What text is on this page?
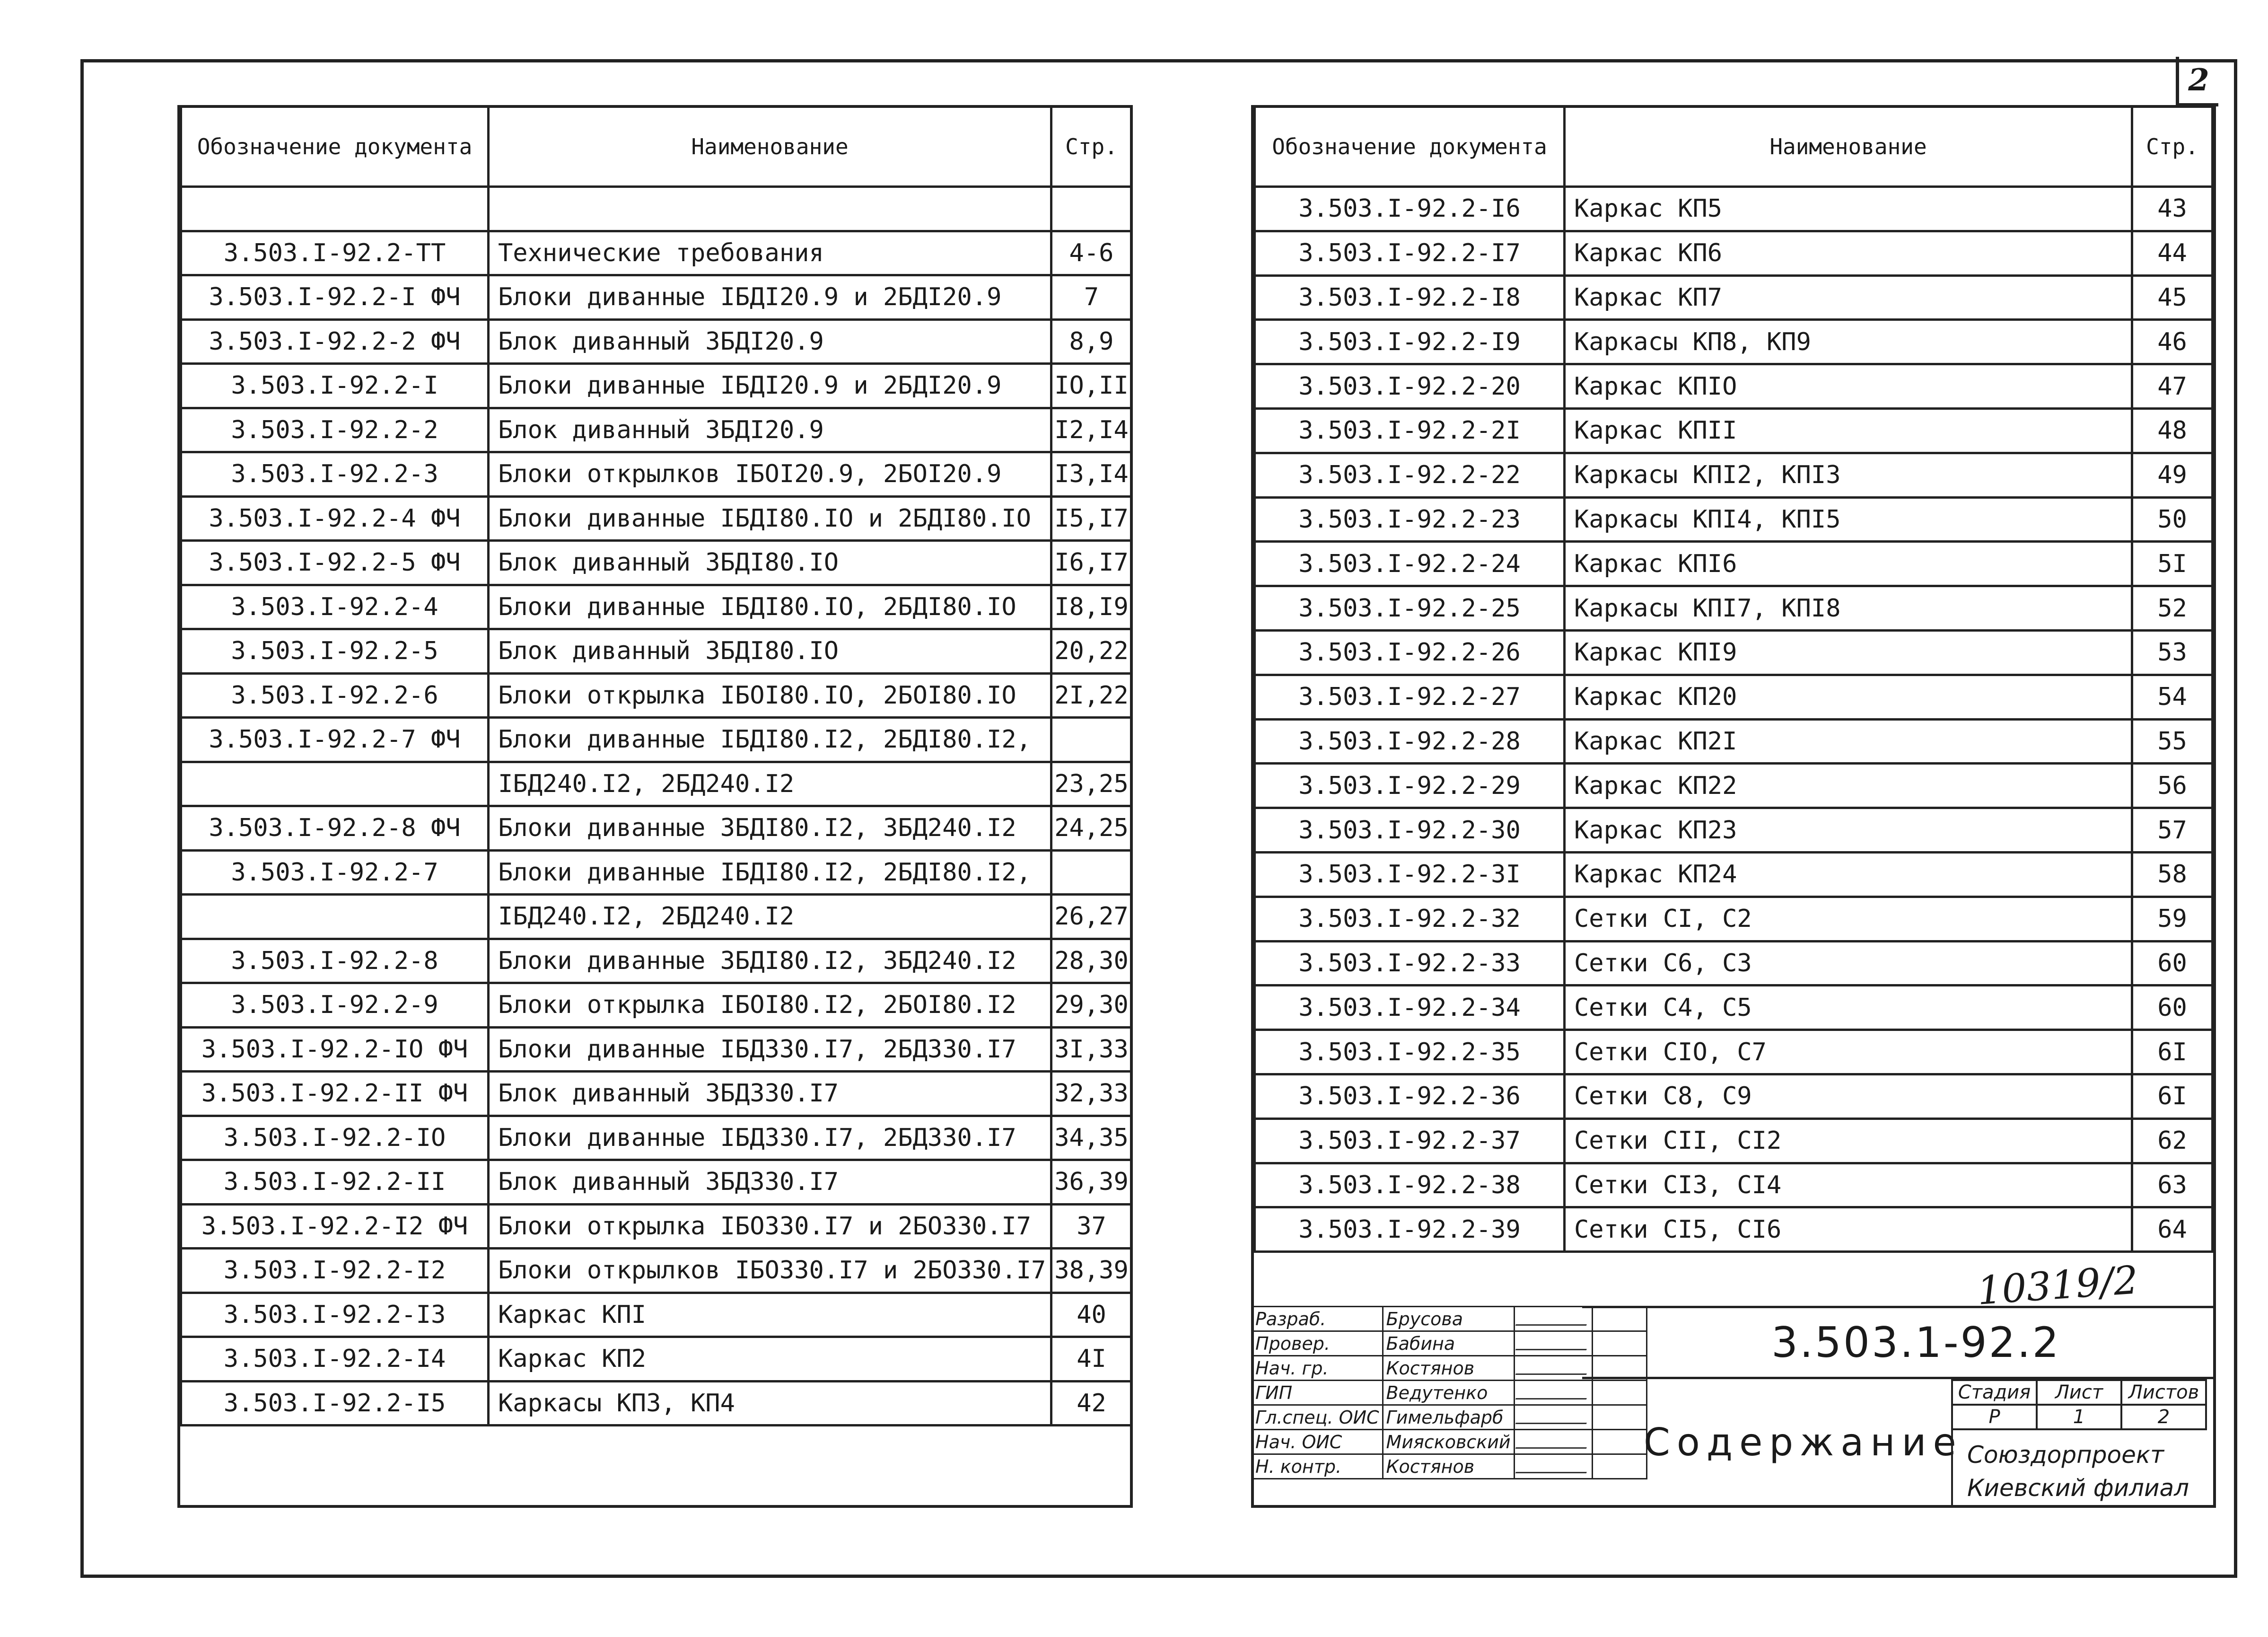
2
Обозначение документа	Наименование	Стр.

3.503.I-92.2-TT	Технические требования	4-6
3.503.I-92.2-I ФЧ	Блоки диванные IБДI20.9 и 2БДI20.9	7
3.503.I-92.2-2 ФЧ	Блок диванный 3БДI20.9	8,9
3.503.I-92.2-I	Блоки диванные IБДI20.9 и 2БДI20.9	IO,II
3.503.I-92.2-2	Блок диванный 3БДI20.9	I2,I4
3.503.I-92.2-3	Блоки открылков IБОI20.9, 2БОI20.9	I3,I4
3.503.I-92.2-4 ФЧ	Блоки диванные IБДI80.IO и 2БДI80.IO	I5,I7
3.503.I-92.2-5 ФЧ	Блок диванный 3БДI80.IO	I6,I7
3.503.I-92.2-4	Блоки диванные IБДI80.IO, 2БДI80.IO	I8,I9
3.503.I-92.2-5	Блок диванный 3БДI80.IO	20,22
3.503.I-92.2-6	Блоки открылка IБОI80.IO, 2БОI80.IO	2I,22
3.503.I-92.2-7 ФЧ	Блоки диванные IБДI80.I2, 2БДI80.I2,	
	IБД240.I2, 2БД240.I2	23,25
3.503.I-92.2-8 ФЧ	Блоки диванные 3БДI80.I2, 3БД240.I2	24,25
3.503.I-92.2-7	Блоки диванные IБДI80.I2, 2БДI80.I2,	
	IБД240.I2, 2БД240.I2	26,27
3.503.I-92.2-8	Блоки диванные 3БДI80.I2, 3БД240.I2	28,30
3.503.I-92.2-9	Блоки открылка IБОI80.I2, 2БОI80.I2	29,30
3.503.I-92.2-IO ФЧ	Блоки диванные IБД330.I7, 2БД330.I7	3I,33
3.503.I-92.2-II ФЧ	Блок диванный 3БД330.I7	32,33
3.503.I-92.2-IO	Блоки диванные IБД330.I7, 2БД330.I7	34,35
3.503.I-92.2-II	Блок диванный 3БД330.I7	36,39
3.503.I-92.2-I2 ФЧ	Блоки открылка IБО330.I7 и 2БО330.I7	37
3.503.I-92.2-I2	Блоки открылков IБО330.I7 и 2БО330.I7	38,39
3.503.I-92.2-I3	Каркас КПI	40
3.503.I-92.2-I4	Каркас КП2	4I
3.503.I-92.2-I5	Каркасы КП3, КП4	42
Обозначение документа	Наименование	Стр.
3.503.I-92.2-I6	Каркас КП5	43
3.503.I-92.2-I7	Каркас КП6	44
3.503.I-92.2-I8	Каркас КП7	45
3.503.I-92.2-I9	Каркасы КП8, КП9	46
3.503.I-92.2-20	Каркас КПIO	47
3.503.I-92.2-2I	Каркас КПII	48
3.503.I-92.2-22	Каркасы КПI2, КПI3	49
3.503.I-92.2-23	Каркасы КПI4, КПI5	50
3.503.I-92.2-24	Каркас КПI6	5I
3.503.I-92.2-25	Каркасы КПI7, КПI8	52
3.503.I-92.2-26	Каркас КПI9	53
3.503.I-92.2-27	Каркас КП20	54
3.503.I-92.2-28	Каркас КП2I	55
3.503.I-92.2-29	Каркас КП22	56
3.503.I-92.2-30	Каркас КП23	57
3.503.I-92.2-3I	Каркас КП24	58
3.503.I-92.2-32	Сетки CI, C2	59
3.503.I-92.2-33	Сетки C6, C3	60
3.503.I-92.2-34	Сетки C4, C5	60
3.503.I-92.2-35	Сетки CIO, C7	6I
3.503.I-92.2-36	Сетки C8, C9	6I
3.503.I-92.2-37	Сетки CII, CI2	62
3.503.I-92.2-38	Сетки CI3, CI4	63
3.503.I-92.2-39	Сетки CI5, CI6	64
10319/2
Разраб.	Брусова	

Провер.	Бабина	

Нач. гр.	Костянов	

ГИП	Ведутенко	

Гл.спец. ОИС	Гимельфарб	

Нач. ОИС	Миясковский	

Н. контр.	Костянов	

3.503.1-92.2
Содержание
Стадия	Лист	Листов
Р	1	2
Союздорпроект
Киевский филиал
